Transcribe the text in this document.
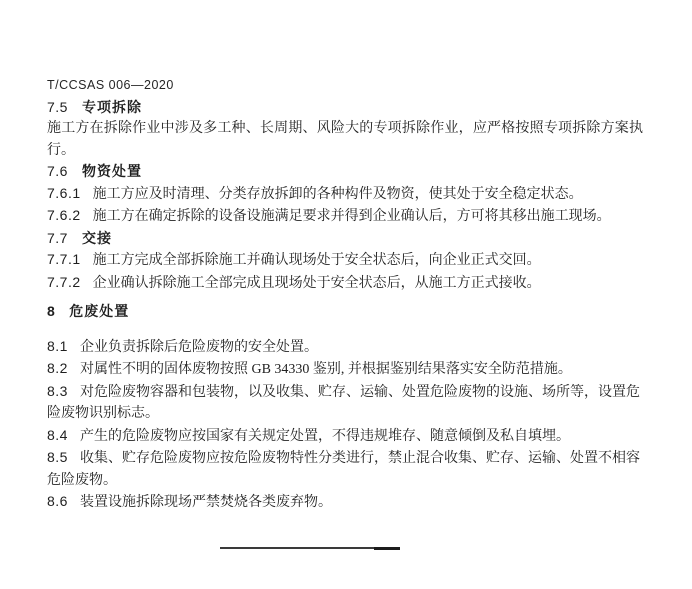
T/CCSAS 006—2020

7.5 专项拆除

施工方在拆除作业中涉及多工种、长周期、风险大的专项拆除作业，应严格按照专项拆除方案执行。

7.6 物资处置

7.6.1 施工方应及时清理、分类存放拆卸的各种构件及物资，使其处于安全稳定状态。

7.6.2 施工方在确定拆除的设备设施满足要求并得到企业确认后，方可将其移出施工现场。

7.7 交接

7.7.1 施工方完成全部拆除施工并确认现场处于安全状态后，向企业正式交回。

7.7.2 企业确认拆除施工全部完成且现场处于安全状态后，从施工方正式接收。

8 危废处置

8.1 企业负责拆除后危险废物的安全处置。

8.2 对属性不明的固体废物按照 GB 34330 鉴别, 并根据鉴别结果落实安全防范措施。

8.3 对危险废物容器和包装物，以及收集、贮存、运输、处置危险废物的设施、场所等，设置危险废物识别标志。

8.4 产生的危险废物应按国家有关规定处置，不得违规堆存、随意倾倒及私自填埋。

8.5 收集、贮存危险废物应按危险废物特性分类进行，禁止混合收集、贮存、运输、处置不相容危险废物。

8.6 装置设施拆除现场严禁焚烧各类废弃物。
